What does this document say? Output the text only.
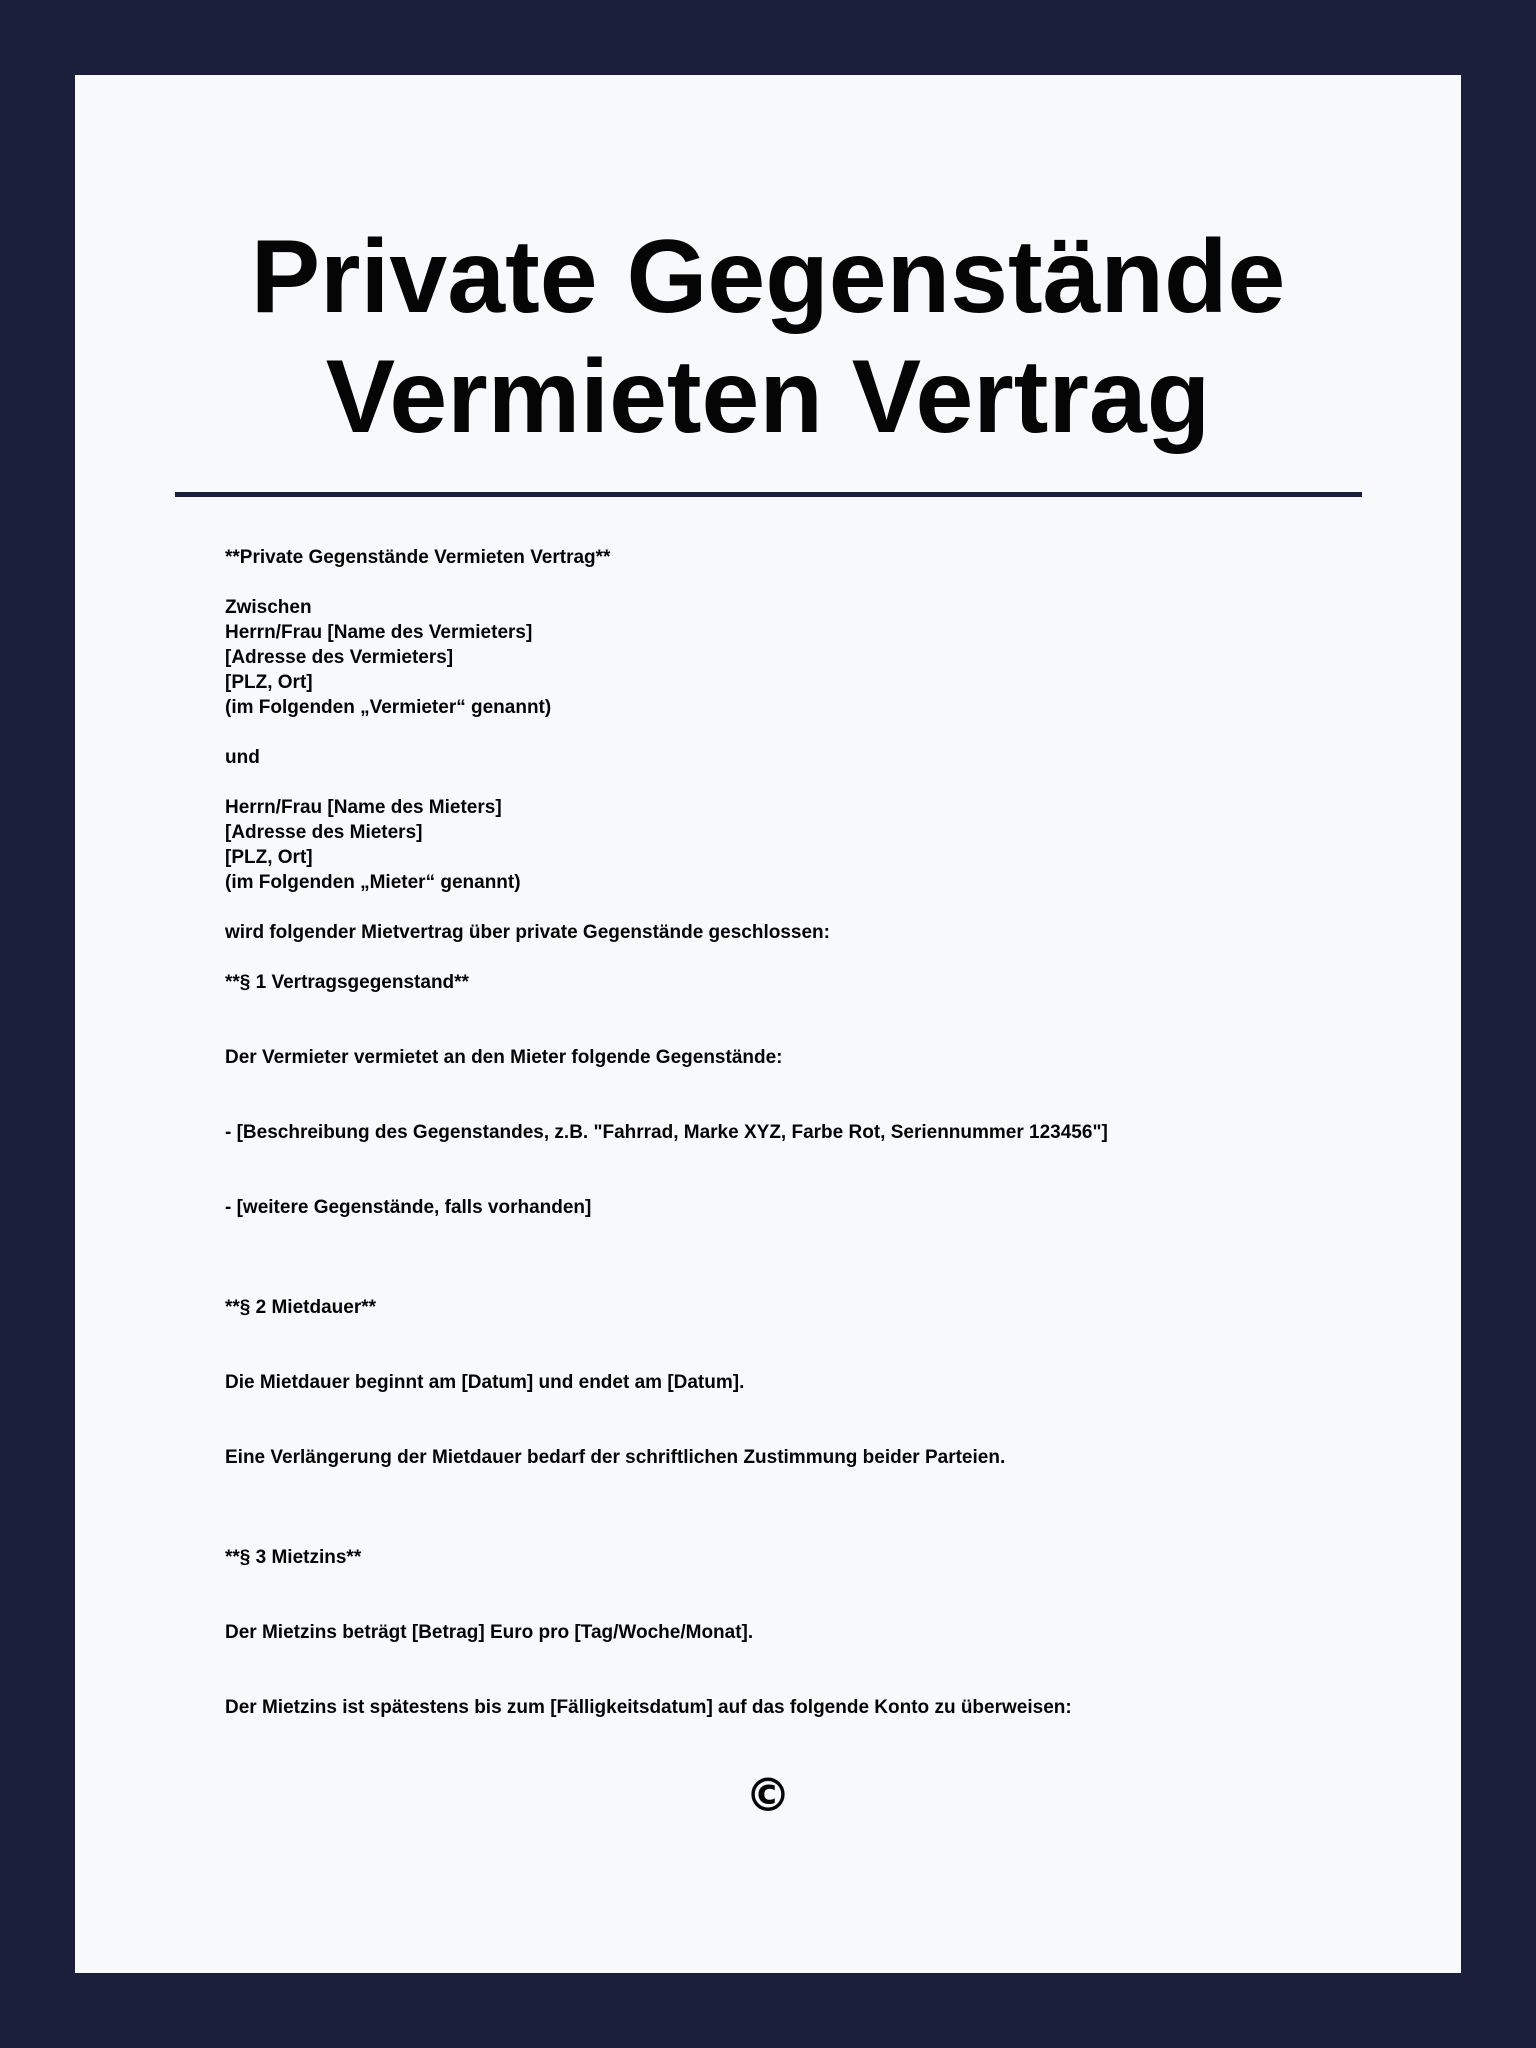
Private Gegenstände
Vermieten Vertrag
**Private Gegenstände Vermieten Vertrag**
Zwischen
Herrn/Frau [Name des Vermieters]
[Adresse des Vermieters]
[PLZ, Ort]
(im Folgenden „Vermieter“ genannt)
und
Herrn/Frau [Name des Mieters]
[Adresse des Mieters]
[PLZ, Ort]
(im Folgenden „Mieter“ genannt)
wird folgender Mietvertrag über private Gegenstände geschlossen:
**§ 1 Vertragsgegenstand**
Der Vermieter vermietet an den Mieter folgende Gegenstände:
- [Beschreibung des Gegenstandes, z.B. "Fahrrad, Marke XYZ, Farbe Rot, Seriennummer 123456"]
- [weitere Gegenstände, falls vorhanden]
**§ 2 Mietdauer**
Die Mietdauer beginnt am [Datum] und endet am [Datum].
Eine Verlängerung der Mietdauer bedarf der schriftlichen Zustimmung beider Parteien.
**§ 3 Mietzins**
Der Mietzins beträgt [Betrag] Euro pro [Tag/Woche/Monat].
Der Mietzins ist spätestens bis zum [Fälligkeitsdatum] auf das folgende Konto zu überweisen:
©
